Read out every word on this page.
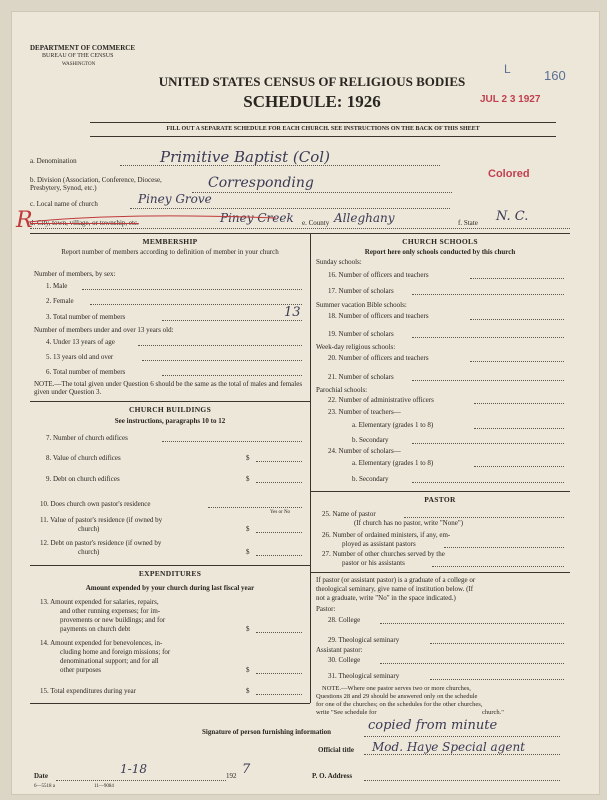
DEPARTMENT OF COMMERCE
BUREAU OF THE CENSUS
WASHINGTON
UNITED STATES CENSUS OF RELIGIOUS BODIES
SCHEDULE: 1926
L	160
JUL 2 3 1927
FILL OUT A SEPARATE SCHEDULE FOR EACH CHURCH. SEE INSTRUCTIONS ON THE BACK OF THIS SHEET
a. Denomination	Primitive Baptist (Col)
Colored
b. Division (Association, Conference, Diocese, Presbytery, Synod, etc.)	Corresponding
c. Local name of church	Piney Grove
R
d. City, town, village, or township, etc.	Piney Creek e. County Alleghany	f. State N. C.
MEMBERSHIP
Report number of members according to definition of member in your church
Number of members, by sex:
1. Male
2. Female
3. Total number of members	13
Number of members under and over 13 years old:
4. Under 13 years of age
5. 13 years old and over
6. Total number of members
NOTE.—The total given under Question 6 should be the same as the total of males and females given under Question 3.
CHURCH BUILDINGS
See instructions, paragraphs 10 to 12
7. Number of church edifices
8. Value of church edifices	$
9. Debt on church edifices	$
10. Does church own pastor's residence
Yes or No
11. Value of pastor's residence (if owned by
church)	$
12. Debt on pastor's residence (if owned by
church)	$
EXPENDITURES
Amount expended by your church during last fiscal year
13. Amount expended for salaries, repairs,
and other running expenses; for im-
provements or new buildings; and for
payments on church debt	$
14. Amount expended for benevolences, in-
cluding home and foreign missions; for
denominational support; and for all
other purposes	$
15. Total expenditures during year	$
CHURCH SCHOOLS
Report here only schools conducted by this church
Sunday schools:
16. Number of officers and teachers
17. Number of scholars
Summer vacation Bible schools:
18. Number of officers and teachers
19. Number of scholars
Week-day religious schools:
20. Number of officers and teachers
21. Number of scholars
Parochial schools:
22. Number of administrative officers
23. Number of teachers—
a. Elementary (grades 1 to 8)
b. Secondary
24. Number of scholars—
a. Elementary (grades 1 to 8)
b. Secondary
PASTOR
25. Name of pastor
(If church has no pastor, write "None")
26. Number of ordained ministers, if any, em-
ployed as assistant pastors
27. Number of other churches served by the
pastor or his assistants
If pastor (or assistant pastor) is a graduate of a college or
theological seminary, give name of institution below. (If
not a graduate, write "No" in the space indicated.)
Pastor:
28. College
29. Theological seminary
Assistant pastor:
30. College
31. Theological seminary
NOTE.—Where one pastor serves two or more churches,
Questions 28 and 29 should be answered only on the schedule
for one of the churches; on the schedules for the other churches,
write "See schedule for	church."
Signature of person furnishing information	copied from minute
Official title Mod. Haye Special agent
Date	1-18	192 7	P. O. Address
6—5518 a	11—9084
